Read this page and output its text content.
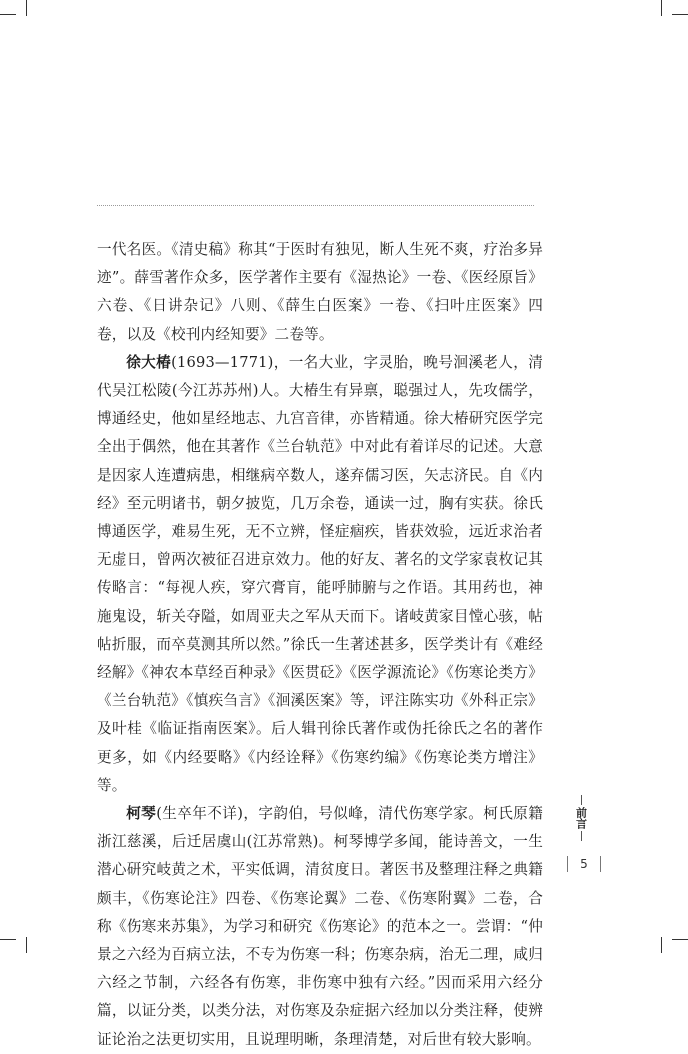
一代名医。《清史稿》称其“于医时有独见，断人生死不爽，疗治多异迹”。薛雪著作众多，医学著作主要有《湿热论》一卷、《医经原旨》六卷、《日讲杂记》八则、《薛生白医案》一卷、《扫叶庄医案》四卷，以及《校刊内经知要》二卷等。

徐大椿(1693—1771)，一名大业，字灵胎，晚号洄溪老人，清代吴江松陵(今江苏苏州)人。大椿生有异禀，聪强过人，先攻儒学，博通经史，他如星经地志、九宫音律，亦皆精通。徐大椿研究医学完全出于偶然，他在其著作《兰台轨范》中对此有着详尽的记述。大意是因家人连遭病患，相继病卒数人，遂弃儒习医，矢志济民。自《内经》至元明诸书，朝夕披览，几万余卷，通读一过，胸有实获。徐氏博通医学，难易生死，无不立辨，怪症痼疾，皆获效验，远近求治者无虚日，曾两次被征召进京效力。他的好友、著名的文学家袁枚记其传略言：“每视人疾，穿穴膏肓，能呼肺腑与之作语。其用药也，神施鬼设，斩关夺隘，如周亚夫之军从天而下。诸岐黄家目憆心骇，帖帖折服，而卒莫测其所以然。”徐氏一生著述甚多，医学类计有《难经经解》《神农本草经百种录》《医贯砭》《医学源流论》《伤寒论类方》《兰台轨范》《慎疾刍言》《洄溪医案》等，评注陈实功《外科正宗》及叶桂《临证指南医案》。后人辑刊徐氏著作或伪托徐氏之名的著作更多，如《内经要略》《内经诠释》《伤寒约编》《伤寒论类方增注》等。

柯琴(生卒年不详)，字韵伯，号似峰，清代伤寒学家。柯氏原籍浙江慈溪，后迁居虞山(江苏常熟)。柯琴博学多闻，能诗善文，一生潜心研究岐黄之术，平实低调，清贫度日。著医书及整理注释之典籍颇丰，《伤寒论注》四卷、《伤寒论翼》二卷、《伤寒附翼》二卷，合称《伤寒来苏集》，为学习和研究《伤寒论》的范本之一。尝谓：“仲景之六经为百病立法，不专为伤寒一科；伤寒杂病，治无二理，咸归六经之节制，六经各有伤寒，非伤寒中独有六经。”因而采用六经分篇，以证分类，以类分法，对伤寒及杂症据六经加以分类注释，使辨证论治之法更切实用，且说理明晰，条理清楚，对后世有较大影响。

前言
5
